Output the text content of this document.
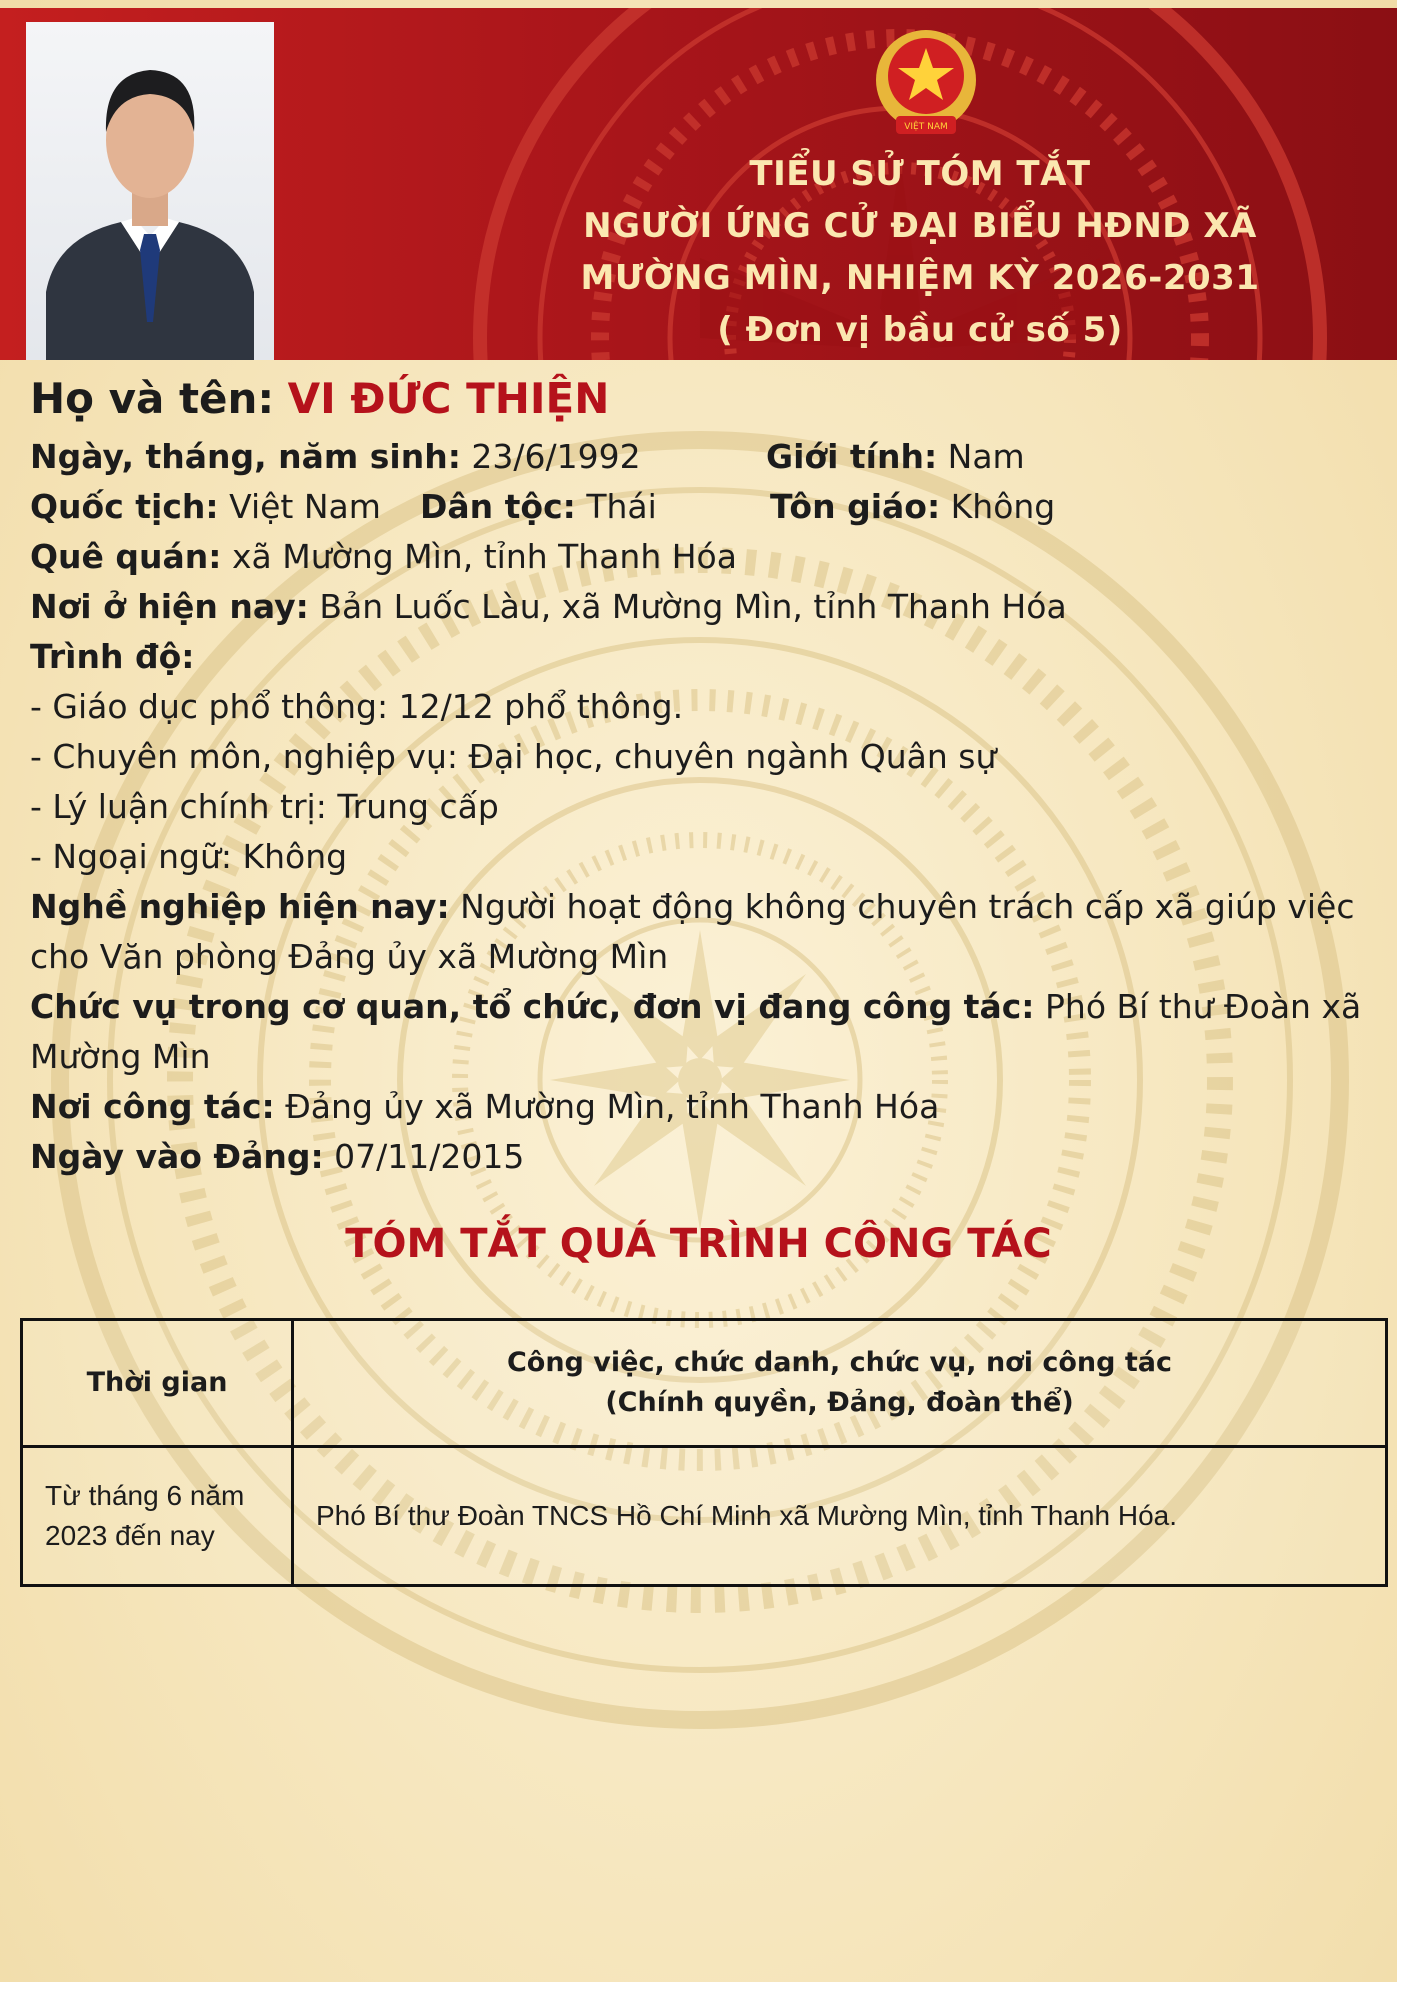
VIỆT NAM
TIỂU SỬ TÓM TẮT
NGƯỜI ỨNG CỬ ĐẠI BIỂU HĐND XÃ
MƯỜNG MÌN, NHIỆM KỲ 2026-2031
( Đơn vị bầu cử số 5)
Họ và tên: VI ĐỨC THIỆN
Ngày, tháng, năm sinh: 23/6/1992	Giới tính: Nam
Quốc tịch: Việt Nam Dân tộc: Thái	Tôn giáo: Không
Quê quán: xã Mường Mìn, tỉnh Thanh Hóa
Nơi ở hiện nay: Bản Luốc Làu, xã Mường Mìn, tỉnh Thanh Hóa
Trình độ:
- Giáo dục phổ thông: 12/12 phổ thông.
- Chuyên môn, nghiệp vụ: Đại học, chuyên ngành Quân sự
- Lý luận chính trị: Trung cấp
- Ngoại ngữ: Không
Nghề nghiệp hiện nay: Người hoạt động không chuyên trách cấp xã giúp việc cho Văn phòng Đảng ủy xã Mường Mìn
Chức vụ trong cơ quan, tổ chức, đơn vị đang công tác: Phó Bí thư Đoàn xã Mường Mìn
Nơi công tác: Đảng ủy xã Mường Mìn, tỉnh Thanh Hóa
Ngày vào Đảng: 07/11/2015
TÓM TẮT QUÁ TRÌNH CÔNG TÁC
Thời gian	Công việc, chức danh, chức vụ, nơi công tác
(Chính quyền, Đảng, đoàn thể)
Từ tháng 6 năm
2023 đến nay	Phó Bí thư Đoàn TNCS Hồ Chí Minh xã Mường Mìn, tỉnh Thanh Hóa.
